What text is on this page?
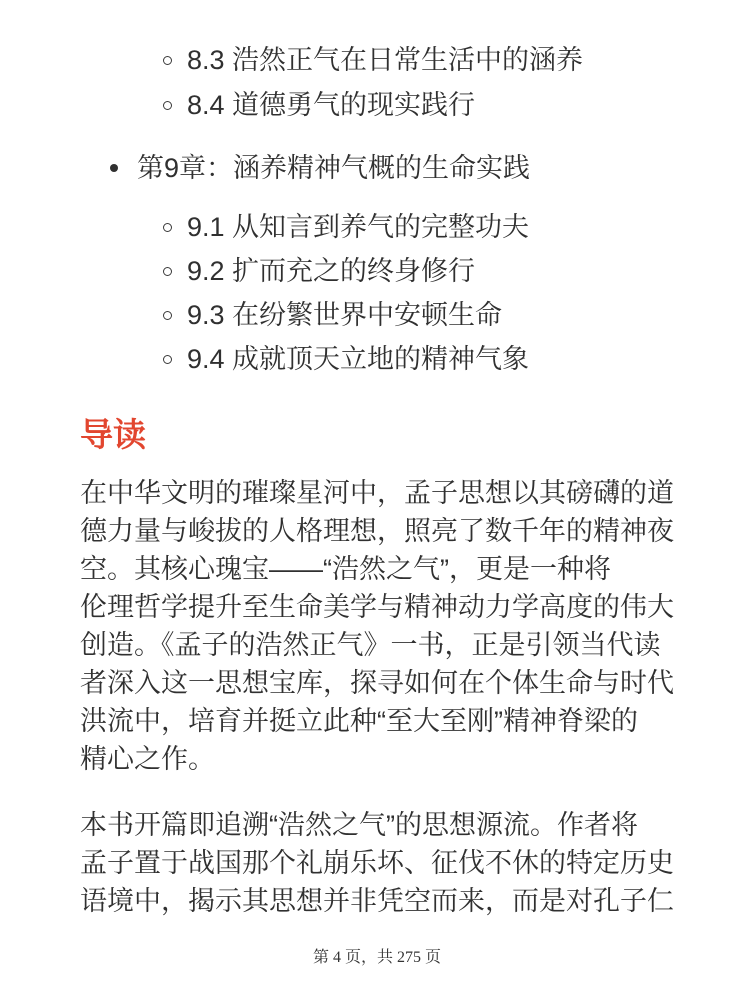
8.3 浩然正气在日常生活中的涵养
8.4 道德勇气的现实践行
第9章：涵养精神气概的生命实践
9.1 从知言到养气的完整功夫
9.2 扩而充之的终身修行
9.3 在纷繁世界中安顿生命
9.4 成就顶天立地的精神气象
导读
在中华文明的璀璨星河中，孟子思想以其磅礴的道
德力量与峻拔的人格理想，照亮了数千年的精神夜
空。其核心瑰宝——“浩然之气”，更是一种将
伦理哲学提升至生命美学与精神动力学高度的伟大
创造。《孟子的浩然正气》一书，正是引领当代读
者深入这一思想宝库，探寻如何在个体生命与时代
洪流中，培育并挺立此种“至大至刚”精神脊梁的
精心之作。
本书开篇即追溯“浩然之气”的思想源流。作者将
孟子置于战国那个礼崩乐坏、征伐不休的特定历史
语境中，揭示其思想并非凭空而来，而是对孔子仁
第 4 页，共 275 页
